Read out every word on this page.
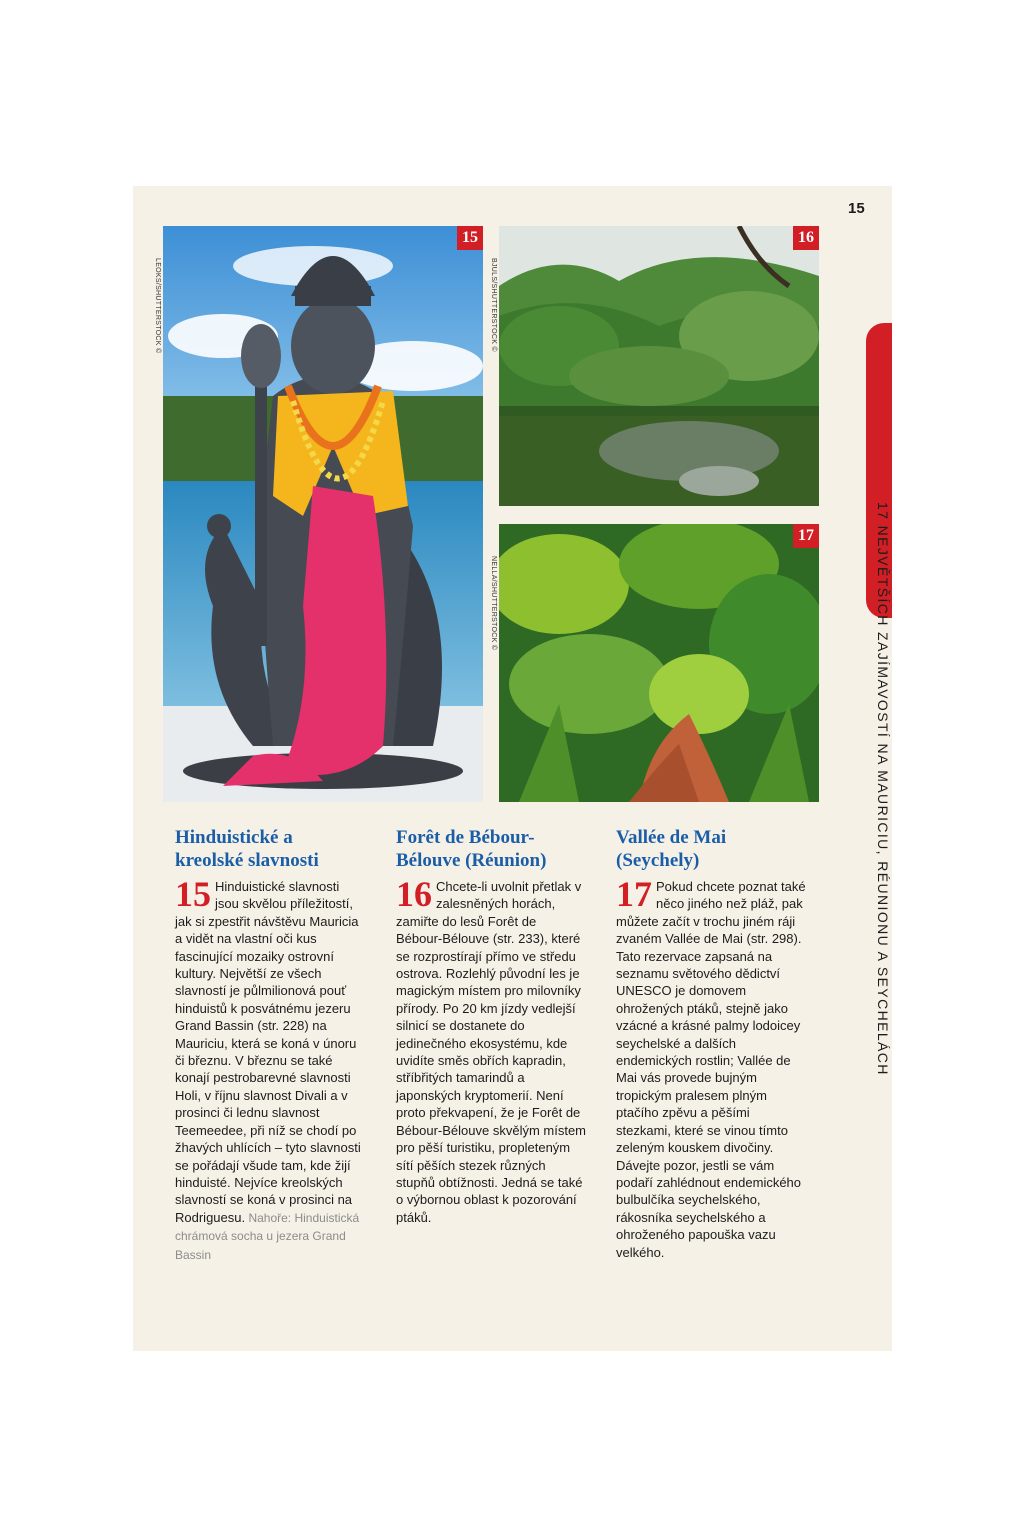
15
15
LEOKS/SHUTTERSTOCK ©
16
BJULS/SHUTTERSTOCK ©
17
NELLA/SHUTTERSTOCK ©
PLÁNUJEME CESTU 17 NEJVĚTŠÍCH ZAJÍMAVOSTÍ NA MAURICIU, RÉUNIONU A SEYCHELÁCH
Hinduistické a kreolské slavnosti
15 Hinduistické slavnosti jsou skvělou příležitostí, jak si zpestřit návštěvu Mauricia a vidět na vlastní oči kus fascinující mozaiky ostrovní kultury. Největší ze všech slavností je půlmilionová pouť hinduistů k posvátnému jezeru Grand Bassin (str. 228) na Mauriciu, která se koná v únoru či březnu. V březnu se také konají pestrobarevné slavnosti Holi, v říjnu slavnost Divali a v prosinci či lednu slavnost Teemeedee, při níž se chodí po žhavých uhlících – tyto slavnosti se pořádají všude tam, kde žijí hinduisté. Nejvíce kreolských slavností se koná v prosinci na Rodriguesu. Nahoře: Hinduistická chrámová socha u jezera Grand Bassin
Forêt de Bébour-Bélouve (Réunion)
16 Chcete-li uvolnit přetlak v zalesněných horách, zamiřte do lesů Forêt de Bébour-Bélouve (str. 233), které se rozprostírají přímo ve středu ostrova. Rozlehlý původní les je magickým místem pro milovníky přírody. Po 20 km jízdy vedlejší silnicí se dostanete do jedinečného ekosystému, kde uvidíte směs obřích kapradin, stříbřitých tamarindů a japonských kryptomerií. Není proto překvapení, že je Forêt de Bébour-Bélouve skvělým místem pro pěší turistiku, propleteným sítí pěších stezek různých stupňů obtížnosti. Jedná se také o výbornou oblast k pozorování ptáků.
Vallée de Mai (Seychely)
17 Pokud chcete poznat také něco jiného než pláž, pak můžete začít v trochu jiném ráji zvaném Vallée de Mai (str. 298). Tato rezervace zapsaná na seznamu světového dědictví UNESCO je domovem ohrožených ptáků, stejně jako vzácné a krásné palmy lodoicey seychelské a dalších endemických rostlin; Vallée de Mai vás provede bujným tropickým pralesem plným ptačího zpěvu a pěšími stezkami, které se vinou tímto zeleným kouskem divočiny. Dávejte pozor, jestli se vám podaří zahlédnout endemického bulbulčíka seychelského, rákosníka seychelského a ohroženého papouška vazu velkého.
